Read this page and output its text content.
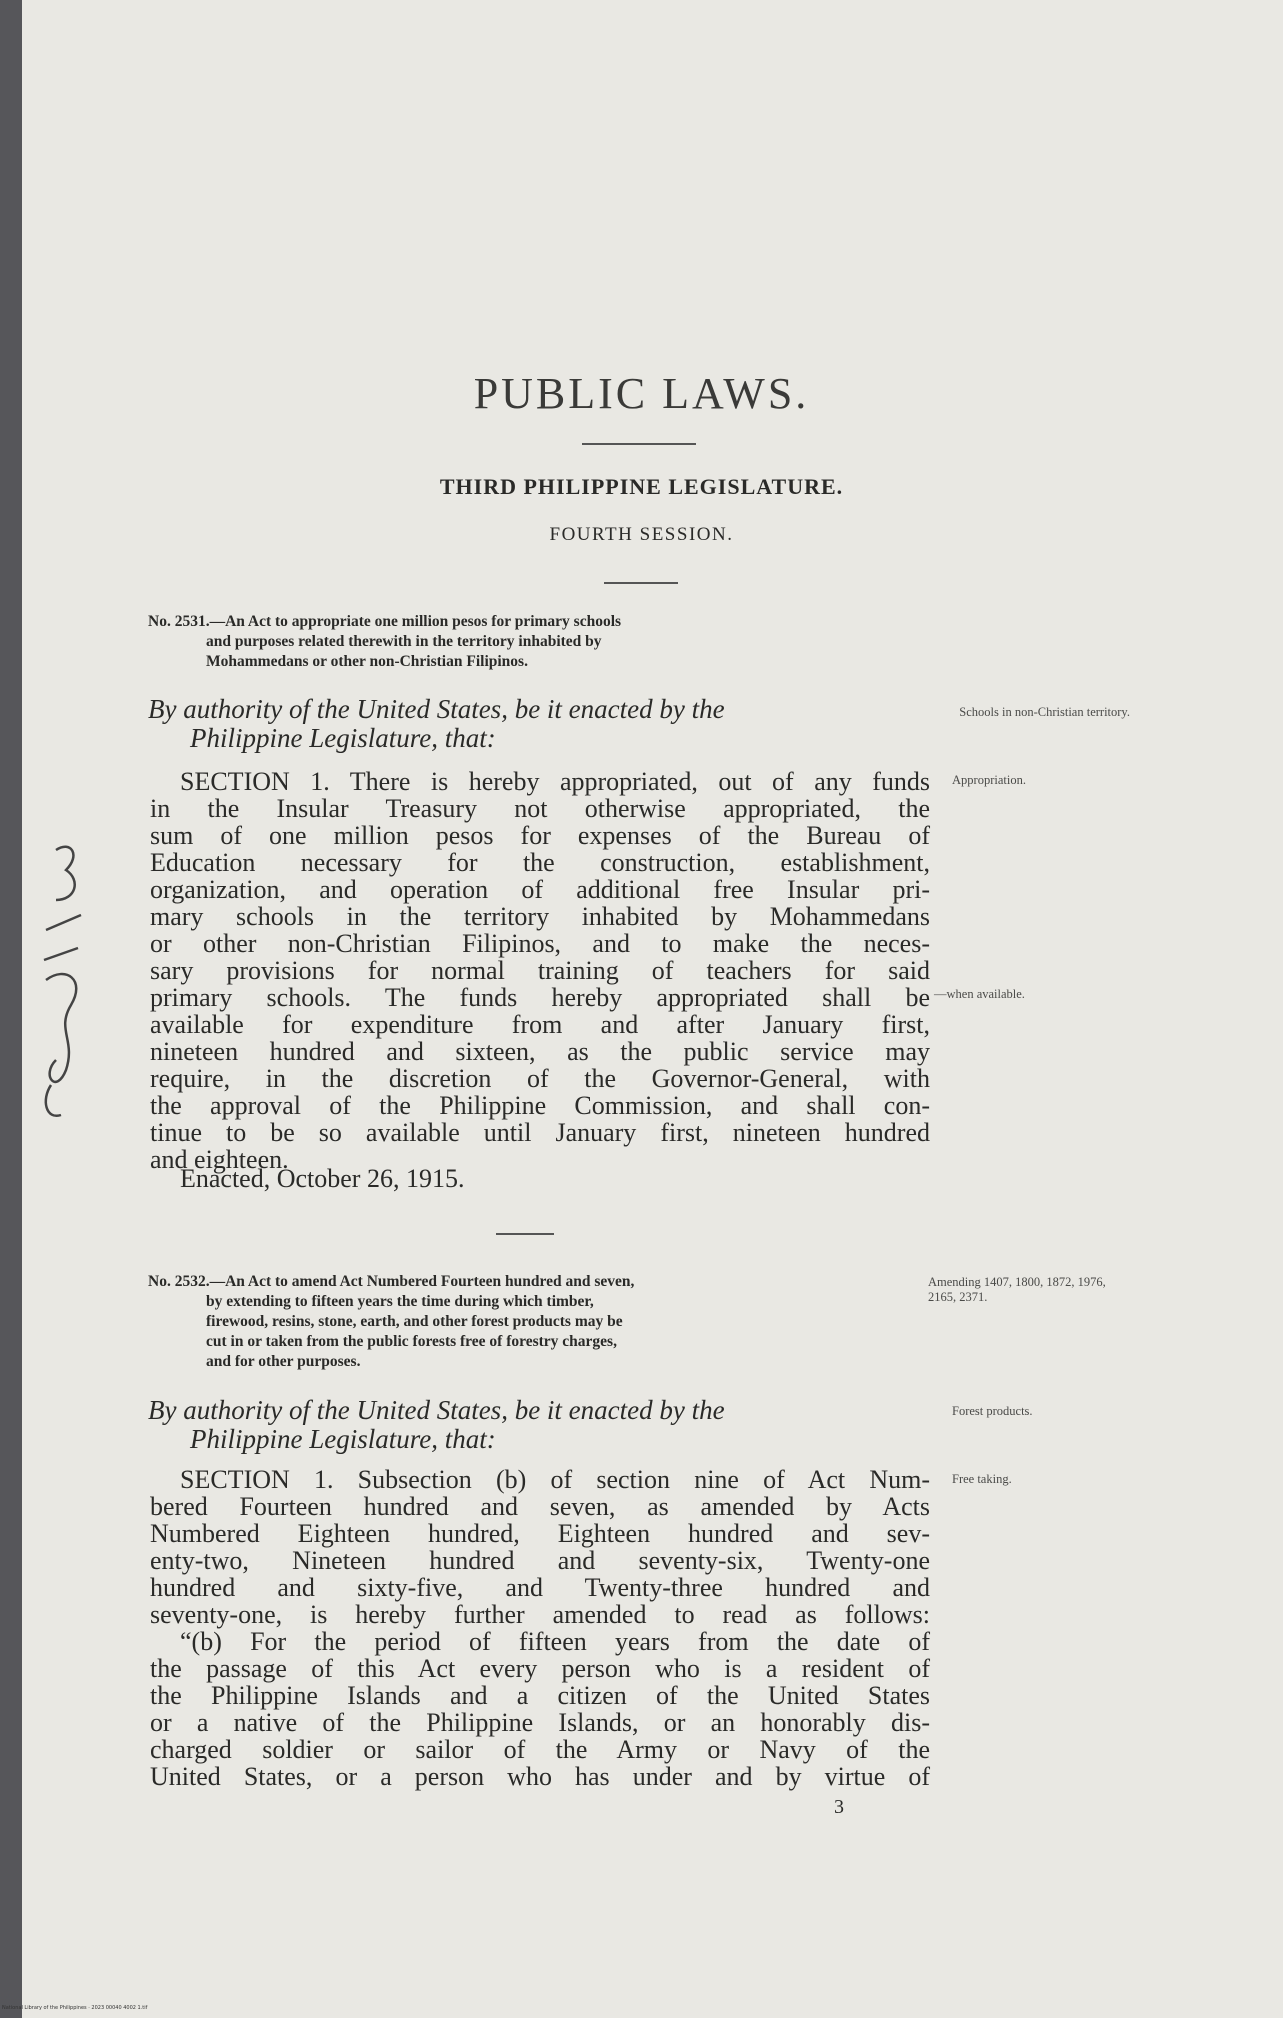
PUBLIC LAWS.
THIRD PHILIPPINE LEGISLATURE.
FOURTH SESSION.
No. 2531.—An Act to appropriate one million pesos for primary schools
and purposes related therewith in the territory inhabited by
Mohammedans or other non-Christian Filipinos.
By authority of the United States, be it enacted by the
Philippine Legislature, that:
Schools in non-Christian territory.
SECTION 1. There is hereby appropriated, out of any funds
in the Insular Treasury not otherwise appropriated, the
sum of one million pesos for expenses of the Bureau of
Education necessary for the construction, establishment,
organization, and operation of additional free Insular pri-
mary schools in the territory inhabited by Mohammedans
or other non-Christian Filipinos, and to make the neces-
sary provisions for normal training of teachers for said
primary schools. The funds hereby appropriated shall be
available for expenditure from and after January first,
nineteen hundred and sixteen, as the public service may
require, in the discretion of the Governor-General, with
the approval of the Philippine Commission, and shall con-
tinue to be so available until January first, nineteen hundred
and eighteen.
Appropriation.
—when available.
Enacted, October 26, 1915.
No. 2532.—An Act to amend Act Numbered Fourteen hundred and seven,
by extending to fifteen years the time during which timber,
firewood, resins, stone, earth, and other forest products may be
cut in or taken from the public forests free of forestry charges,
and for other purposes.
Amending 1407, 1800, 1872, 1976, 2165, 2371.
By authority of the United States, be it enacted by the
Philippine Legislature, that:
Forest products.
SECTION 1. Subsection (b) of section nine of Act Num-
bered Fourteen hundred and seven, as amended by Acts
Numbered Eighteen hundred, Eighteen hundred and sev-
enty-two, Nineteen hundred and seventy-six, Twenty-one
hundred and sixty-five, and Twenty-three hundred and
seventy-one, is hereby further amended to read as follows:
“(b) For the period of fifteen years from the date of
the passage of this Act every person who is a resident of
the Philippine Islands and a citizen of the United States
or a native of the Philippine Islands, or an honorably dis-
charged soldier or sailor of the Army or Navy of the
United States, or a person who has under and by virtue of
Free taking.
3
National Library of the Philippines · 2023 00040 4002 1.tif
